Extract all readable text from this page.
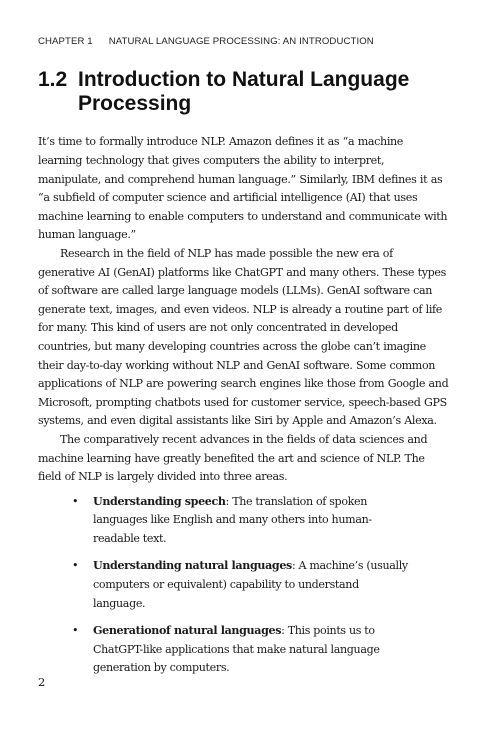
CHAPTER 1 NATURAL LANGUAGE PROCESSING: AN INTRODUCTION
1.2 Introduction to Natural Language Processing

It’s time to formally introduce NLP. Amazon defines it as “a machine learning technology that gives computers the ability to interpret, manipulate, and comprehend human language.” Similarly, IBM defines it as “a subfield of computer science and artificial intelligence (AI) that uses machine learning to enable computers to understand and communicate with human language.”

Research in the field of NLP has made possible the new era of generative AI (GenAI) platforms like ChatGPT and many others. These types of software are called large language models (LLMs). GenAI software can generate text, images, and even videos. NLP is already a routine part of life for many. This kind of users are not only concentrated in developed countries, but many developing countries across the globe can’t imagine their day-to-day working without NLP and GenAI software. Some common applications of NLP are powering search engines like those from Google and Microsoft, prompting chatbots used for customer service, speech-based GPS systems, and even digital assistants like Siri by Apple and Amazon’s Alexa.

The comparatively recent advances in the fields of data sciences and machine learning have greatly benefited the art and science of NLP. The field of NLP is largely divided into three areas.

• Understanding speech: The translation of spoken languages like English and many others into human-readable text.
• Understanding natural languages: A machine’s (usually computers or equivalent) capability to understand language.
• Generationof natural languages: This points us to ChatGPT-like applications that make natural language generation by computers.
2
